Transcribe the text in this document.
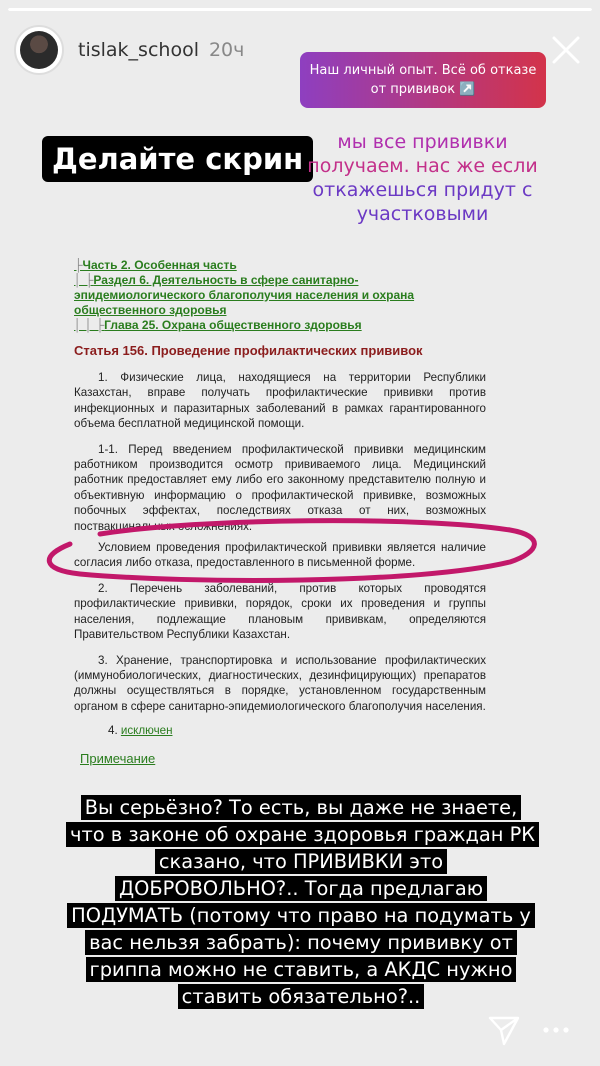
tislak_school 20ч
Наш личный опыт. Всё об отказе от прививок ↗️
Делайте скрин	мы все прививки
получаем. нас же если
откажешься придут с
участковыми
├Часть 2. Особенная часть
│ ├Раздел 6. Деятельность в сфере санитарно-эпидемиологического благополучия населения и охрана общественного здоровья
│ │ ├Глава 25. Охрана общественного здоровья
Статья 156. Проведение профилактических прививок
1. Физические лица, находящиеся на территории Республики Казахстан, вправе получать профилактические прививки против инфекционных и паразитарных заболеваний в рамках гарантированного объема бесплатной медицинской помощи.
1-1. Перед введением профилактической прививки медицинским работником производится осмотр прививаемого лица. Медицинский работник предоставляет ему либо его законному представителю полную и объективную информацию о профилактической прививке, возможных побочных эффектах, последствиях отказа от них, возможных поствакцинальных осложнениях.
Условием проведения профилактической прививки является наличие согласия либо отказа, предоставленного в письменной форме.
2. Перечень заболеваний, против которых проводятся профилактические прививки, порядок, сроки их проведения и группы населения, подлежащие плановым прививкам, определяются Правительством Республики Казахстан.
3. Хранение, транспортировка и использование профилактических (иммунобиологических, диагностических, дезинфицирующих) препаратов должны осуществляться в порядке, установленном государственным органом в сфере санитарно-эпидемиологического благополучия населения.
4. исключен
Примечание
Вы серьёзно? То есть, вы даже не знаете, что в законе об охране здоровья граждан РК сказано, что ПРИВИВКИ это ДОБРОВОЛЬНО?.. Тогда предлагаю ПОДУМАТЬ (потому что право на подумать у вас нельзя забрать): почему прививку от гриппа можно не ставить, а АКДС нужно ставить обязательно?..
